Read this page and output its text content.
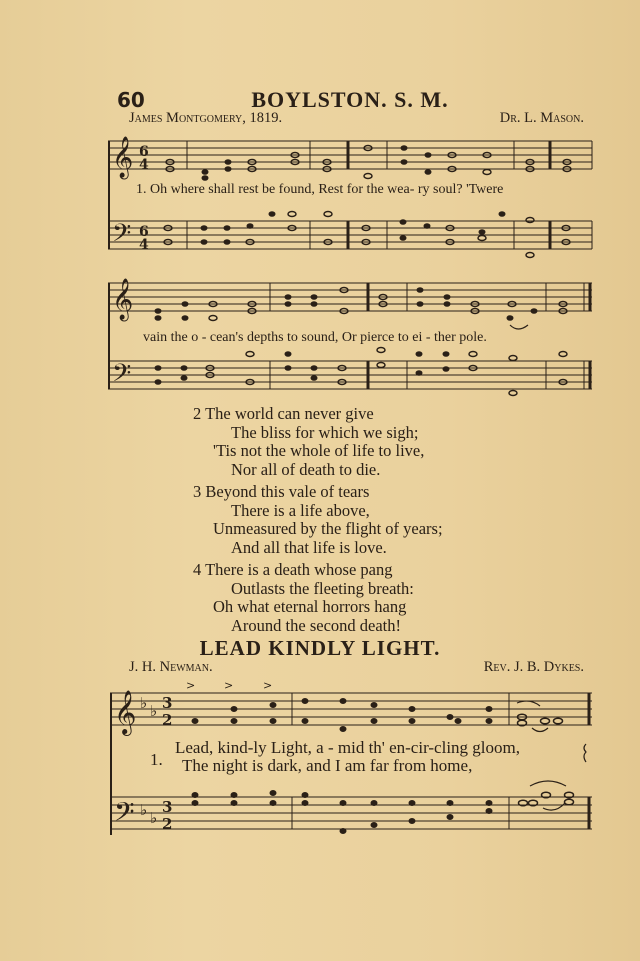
60	BOYLSTON. S. M.
James Montgomery, 1819.	Dr. L. Mason.
𝄞 6
4
𝄢 6
4
𝄞
𝄢
𝄞 ♭ ♭ 3
2
𝄢 ♭ ♭
3
2
>	>	>
1. Oh where shall rest be found, Rest for the wea- ry soul? 'Twere
vain the o - cean's depths to sound, Or pierce to ei - ther pole.
2 The world can never give
The bliss for which we sigh;
'Tis not the whole of life to live,
Nor all of death to die.
3 Beyond this vale of tears
There is a life above,
Unmeasured by the flight of years;
And all that life is love.
4 There is a death whose pang
Outlasts the fleeting breath:
Oh what eternal horrors hang
Around the second death!
LEAD KINDLY LIGHT.
J. H. Newman.	Rev. J. B. Dykes.
1.
Lead, kind-ly Light, a - mid th' en-cir-cling gloom,
The night is dark, and I am far from home,
